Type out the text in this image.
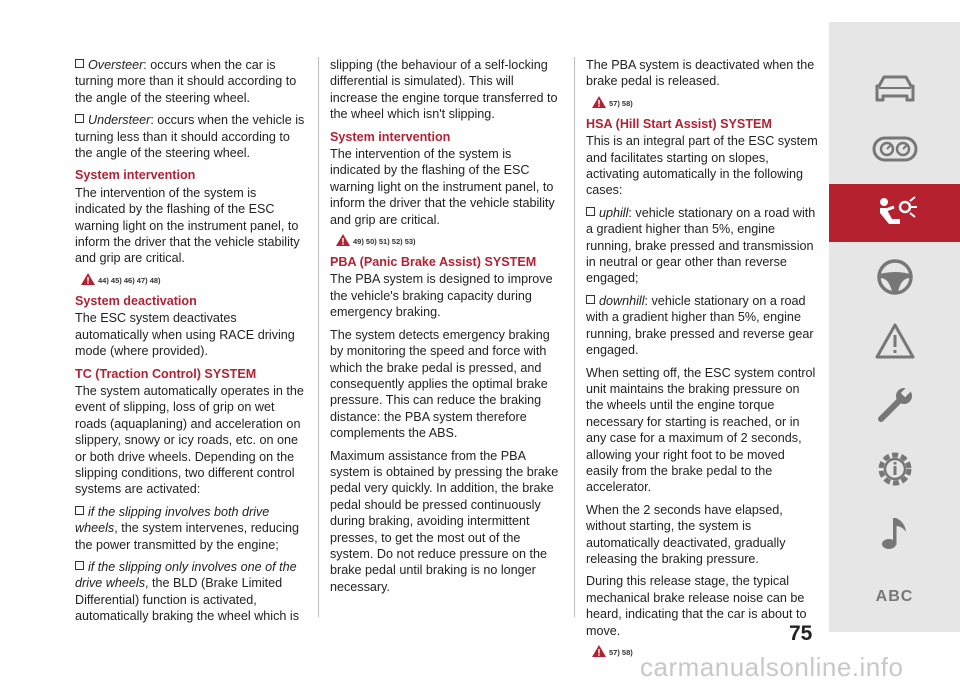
Oversteer: occurs when the car is turning more than it should according to the angle of the steering wheel.

Understeer: occurs when the vehicle is turning less than it should according to the angle of the steering wheel.

System intervention

The intervention of the system is indicated by the flashing of the ESC warning light on the instrument panel, to inform the driver that the vehicle stability and grip are critical.

44) 45) 46) 47) 48)
System deactivation

The ESC system deactivates automatically when using RACE driving mode (where provided).

TC (Traction Control) SYSTEM

The system automatically operates in the event of slipping, loss of grip on wet roads (aquaplaning) and acceleration on slippery, snowy or icy roads, etc. on one or both drive wheels. Depending on the slipping conditions, two different control systems are activated:

if the slipping involves both drive wheels, the system intervenes, reducing the power transmitted by the engine;

if the slipping only involves one of the drive wheels, the BLD (Brake Limited Differential) function is activated, automatically braking the wheel which is

slipping (the behaviour of a self-locking differential is simulated). This will increase the engine torque transferred to the wheel which isn't slipping.

System intervention

The intervention of the system is indicated by the flashing of the ESC warning light on the instrument panel, to inform the driver that the vehicle stability and grip are critical.

49) 50) 51) 52) 53)
PBA (Panic Brake Assist) SYSTEM

The PBA system is designed to improve the vehicle's braking capacity during emergency braking.

The system detects emergency braking by monitoring the speed and force with which the brake pedal is pressed, and consequently applies the optimal brake pressure. This can reduce the braking distance: the PBA system therefore complements the ABS.

Maximum assistance from the PBA system is obtained by pressing the brake pedal very quickly. In addition, the brake pedal should be pressed continuously during braking, avoiding intermittent presses, to get the most out of the system. Do not reduce pressure on the brake pedal until braking is no longer necessary.

The PBA system is deactivated when the brake pedal is released.

57) 58)
HSA (Hill Start Assist) SYSTEM

This is an integral part of the ESC system and facilitates starting on slopes, activating automatically in the following cases:

uphill: vehicle stationary on a road with a gradient higher than 5%, engine running, brake pressed and transmission in neutral or gear other than reverse engaged;

downhill: vehicle stationary on a road with a gradient higher than 5%, engine running, brake pressed and reverse gear engaged.

When setting off, the ESC system control unit maintains the braking pressure on the wheels until the engine torque necessary for starting is reached, or in any case for a maximum of 2 seconds, allowing your right foot to be moved easily from the brake pedal to the accelerator.

When the 2 seconds have elapsed, without starting, the system is automatically deactivated, gradually releasing the braking pressure.

During this release stage, the typical mechanical brake release noise can be heard, indicating that the car is about to move.

57) 58)
ABC
75
carmanualsonline.info
